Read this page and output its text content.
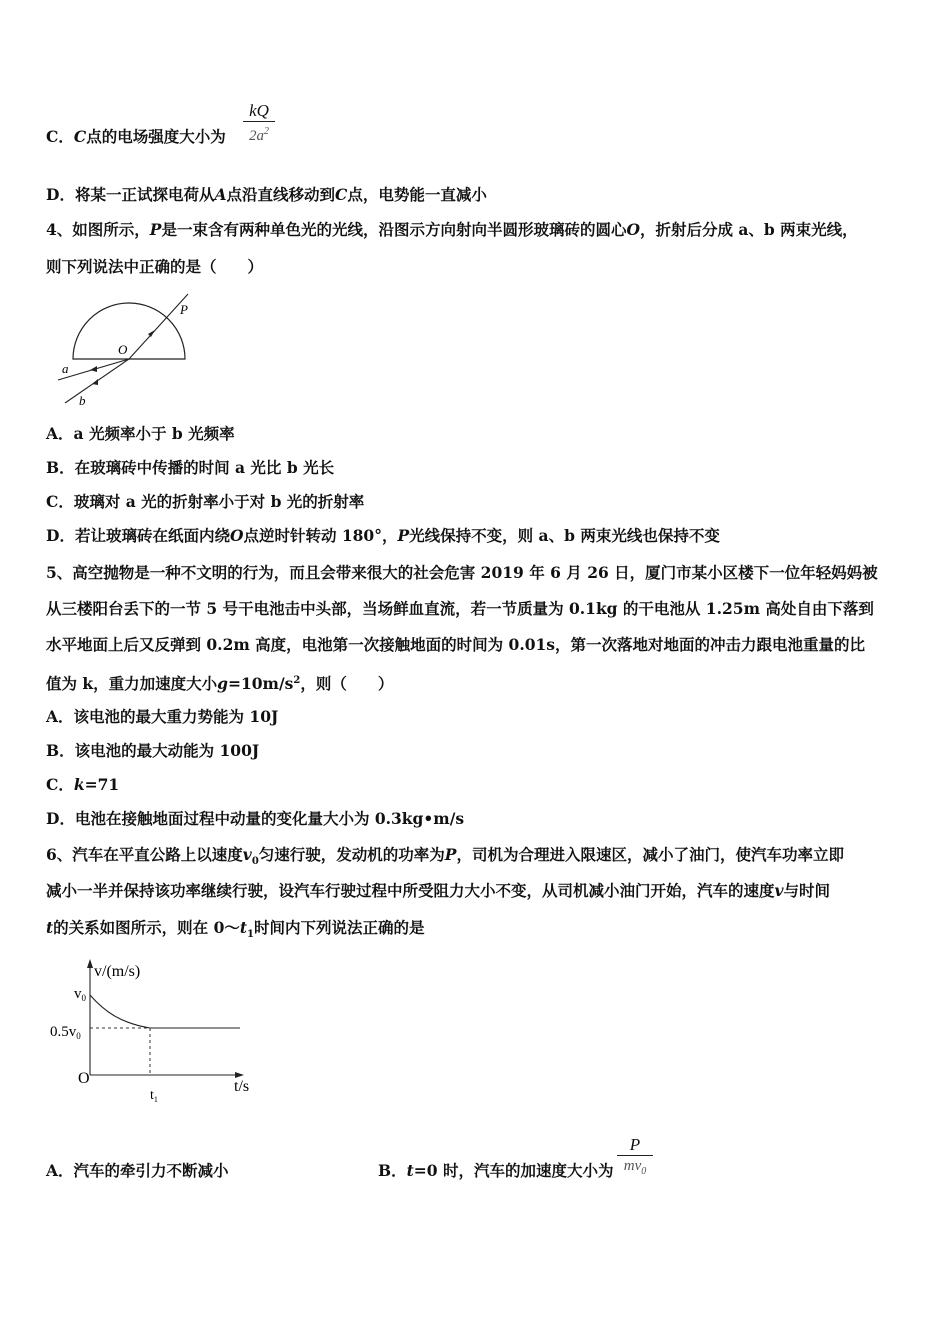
C．C点的电场强度大小为
kQ
$2a^2$
D．将某一正试探电荷从A点沿直线移动到C点，电势能一直减小
4、如图所示，P是一束含有两种单色光的光线，沿图示方向射向半圆形玻璃砖的圆心O，折射后分成 a、b 两束光线，
则下列说法中正确的是（　　）
P
O
a
b
A．a 光频率小于 b 光频率
B．在玻璃砖中传播的时间 a 光比 b 光长
C．玻璃对 a 光的折射率小于对 b 光的折射率
D．若让玻璃砖在纸面内绕O点逆时针转动 180°，P光线保持不变，则 a、b 两束光线也保持不变
5、高空抛物是一种不文明的行为，而且会带来很大的社会危害 2019 年 6 月 26 日，厦门市某小区楼下一位年轻妈妈被
从三楼阳台丢下的一节 5 号干电池击中头部，当场鲜血直流，若一节质量为 0.1kg 的干电池从 1.25m 高处自由下落到
水平地面上后又反弹到 0.2m 高度，电池第一次接触地面的时间为 0.01s，第一次落地对地面的冲击力跟电池重量的比
值为 k，重力加速度大小$g=10m/s^2$，则（　　）
A．该电池的最大重力势能为 10J
B．该电池的最大动能为 100J
C．k=71
D．电池在接触地面过程中动量的变化量大小为 0.3kg•m/s
6、汽车在平直公路上以速度$v_0$匀速行驶，发动机的功率为P，司机为合理进入限速区，减小了油门，使汽车功率立即
减小一半并保持该功率继续行驶，设汽车行驶过程中所受阻力大小不变，从司机减小油门开始，汽车的速度v与时间
t的关系如图所示，则在 $0\sim t_1$时间内下列说法正确的是
v/(m/s)
$v_0$
$0.5v_0$
O
$t_1$
t/s
A．汽车的牵引力不断减小	B．t=0 时，汽车的加速度大小为
P
$mv_0$
